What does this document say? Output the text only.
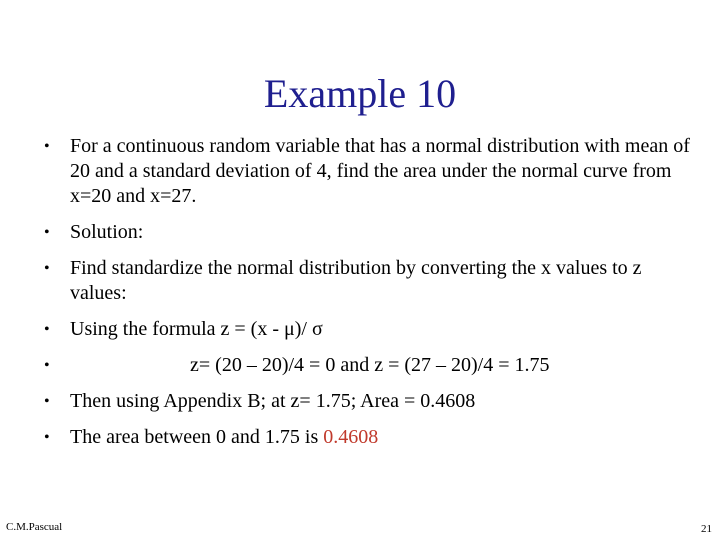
Example 10
• For a continuous random variable that has a normal distribution with mean of 20 and a standard deviation of 4, find the area under the normal curve from x=20 and x=27.
• Solution:
• Find standardize the normal distribution by converting the x values to z values:
• Using the formula z = (x - μ)/ σ
•	z= (20 – 20)/4 = 0 and z = (27 – 20)/4 = 1.75
• Then using Appendix B; at z= 1.75; Area = 0.4608
• The area between 0 and 1.75 is 0.4608
C.M.Pascual	21
